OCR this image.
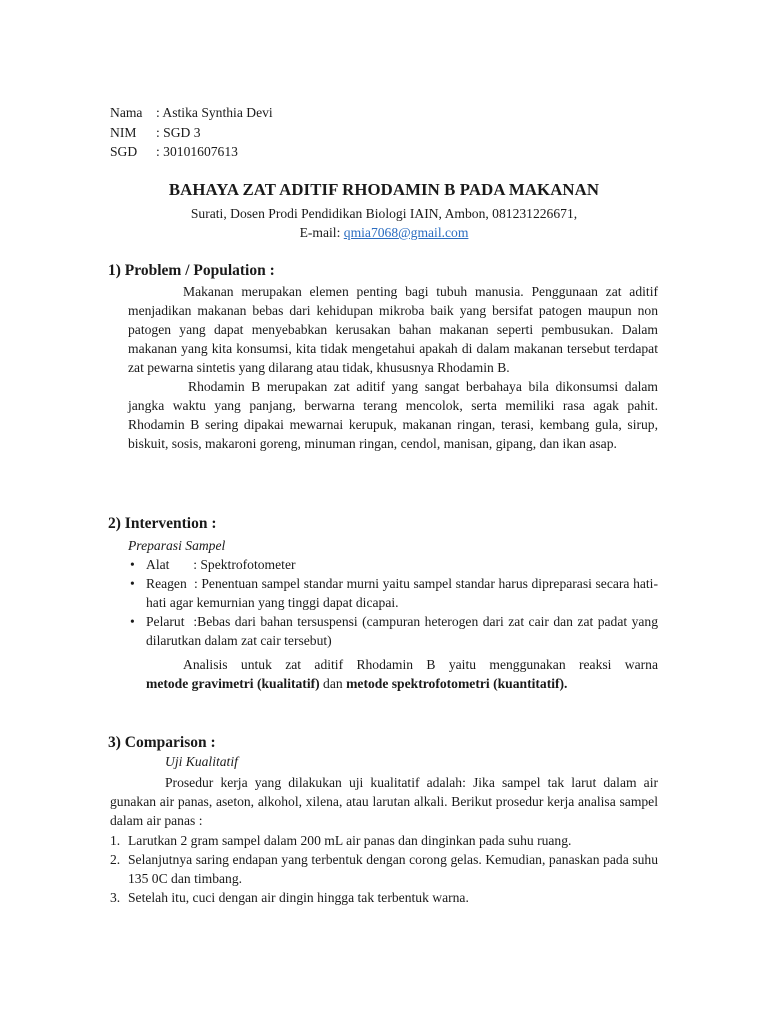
Nama : Astika Synthia Devi
NIM	: SGD 3
SGD	: 30101607613
BAHAYA ZAT ADITIF RHODAMIN B PADA MAKANAN
Surati, Dosen Prodi Pendidikan Biologi IAIN, Ambon, 081231226671,
E-mail: qmia7068@gmail.com
1) Problem / Population :
Makanan merupakan elemen penting bagi tubuh manusia. Penggunaan zat aditif menjadikan makanan bebas dari kehidupan mikroba baik yang bersifat patogen maupun non patogen yang dapat menyebabkan kerusakan bahan makanan seperti pembusukan. Dalam makanan yang kita konsumsi, kita tidak mengetahui apakah di dalam makanan tersebut terdapat zat pewarna sintetis yang dilarang atau tidak, khususnya Rhodamin B.
Rhodamin B merupakan zat aditif yang sangat berbahaya bila dikonsumsi dalam jangka waktu yang panjang, berwarna terang mencolok, serta memiliki rasa agak pahit. Rhodamin B sering dipakai mewarnai kerupuk, makanan ringan, terasi, kembang gula, sirup, biskuit, sosis, makaroni goreng, minuman ringan, cendol, manisan, gipang, dan ikan asap.
2) Intervention :
Preparasi Sampel
• Alat       : Spektrofotometer
• Reagen  : Penentuan sampel standar murni yaitu sampel standar harus dipreparasi secara hati-hati agar kemurnian yang tinggi dapat dicapai.
• Pelarut  :Bebas dari bahan tersuspensi (campuran heterogen dari zat cair dan zat padat yang dilarutkan dalam zat cair tersebut)
Analisis untuk zat aditif Rhodamin B yaitu menggunakan reaksi warna
metode gravimetri (kualitatif) dan metode spektrofotometri (kuantitatif).
3) Comparison :
Uji Kualitatif
Prosedur kerja yang dilakukan uji kualitatif adalah: Jika sampel tak larut dalam air gunakan air panas, aseton, alkohol, xilena, atau larutan alkali. Berikut prosedur kerja analisa sampel dalam air panas :
1. Larutkan 2 gram sampel dalam 200 mL air panas dan dinginkan pada suhu ruang.
2. Selanjutnya saring endapan yang terbentuk dengan corong gelas. Kemudian, panaskan pada suhu 135 0C dan timbang.
3. Setelah itu, cuci dengan air dingin hingga tak terbentuk warna.
